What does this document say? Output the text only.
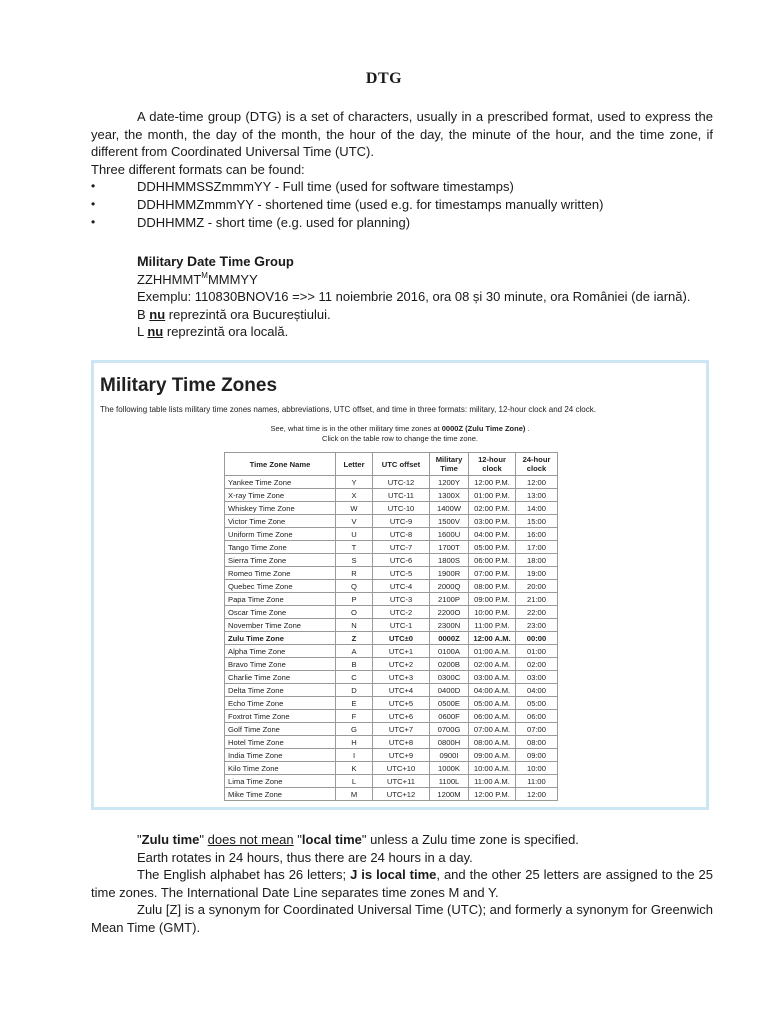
DTG

A date-time group (DTG) is a set of characters, usually in a prescribed format, used to express the year, the month, the day of the month, the hour of the day, the minute of the hour, and the time zone, if different from Coordinated Universal Time (UTC).

Three different formats can be found:

• DDHHMMSSZmmmYY - Full time (used for software timestamps)
• DDHHMMZmmmYY - shortened time (used e.g. for timestamps manually written)
• DDHHMMZ - short time (e.g. used for planning)

Military Date Time Group

$ZZHHMMT^MMMMYY$

Exemplu: 110830BNOV16 =>> 11 noiembrie 2016, ora 08 și 30 minute, ora României (de iarnă).

B nu reprezintă ora Bucureștiului.

L nu reprezintă ora locală.

Military Time Zones
The following table lists military time zones names, abbreviations, UTC offset, and time in three formats: military, 12-hour clock and 24 clock.
See, what time is in the other military time zones at 0000Z (Zulu Time Zone) .
Click on the table row to change the time zone.
Time Zone Name	Letter	UTC offset	Military Time	12-hour clock	24-hour clock
Yankee Time Zone	Y	UTC-12	1200Y	12:00 P.M.	12:00
X-ray Time Zone	X	UTC-11	1300X	01:00 P.M.	13:00
Whiskey Time Zone	W	UTC-10	1400W	02:00 P.M.	14:00
Victor Time Zone	V	UTC-9	1500V	03:00 P.M.	15:00
Uniform Time Zone	U	UTC-8	1600U	04:00 P.M.	16:00
Tango Time Zone	T	UTC-7	1700T	05:00 P.M.	17:00
Sierra Time Zone	S	UTC-6	1800S	06:00 P.M.	18:00
Romeo Time Zone	R	UTC-5	1900R	07:00 P.M.	19:00
Quebec Time Zone	Q	UTC-4	2000Q	08:00 P.M.	20:00
Papa Time Zone	P	UTC-3	2100P	09:00 P.M.	21:00
Oscar Time Zone	O	UTC-2	2200O	10:00 P.M.	22:00
November Time Zone	N	UTC-1	2300N	11:00 P.M.	23:00
Zulu Time Zone	Z	UTC±0	0000Z	12:00 A.M.	00:00
Alpha Time Zone	A	UTC+1	0100A	01:00 A.M.	01:00
Bravo Time Zone	B	UTC+2	0200B	02:00 A.M.	02:00
Charlie Time Zone	C	UTC+3	0300C	03:00 A.M.	03:00
Delta Time Zone	D	UTC+4	0400D	04:00 A.M.	04:00
Echo Time Zone	E	UTC+5	0500E	05:00 A.M.	05:00
Foxtrot Time Zone	F	UTC+6	0600F	06:00 A.M.	06:00
Golf Time Zone	G	UTC+7	0700G	07:00 A.M.	07:00
Hotel Time Zone	H	UTC+8	0800H	08:00 A.M.	08:00
India Time Zone	I	UTC+9	0900I	09:00 A.M.	09:00
Kilo Time Zone	K	UTC+10	1000K	10:00 A.M.	10:00
Lima Time Zone	L	UTC+11	1100L	11:00 A.M.	11:00
Mike Time Zone	M	UTC+12	1200M	12:00 P.M.	12:00

"Zulu time" does not mean "local time" unless a Zulu time zone is specified.

Earth rotates in 24 hours, thus there are 24 hours in a day.

The English alphabet has 26 letters; J is local time, and the other 25 letters are assigned to the 25 time zones. The International Date Line separates time zones M and Y.

Zulu [Z] is a synonym for Coordinated Universal Time (UTC); and formerly a synonym for Greenwich Mean Time (GMT).
